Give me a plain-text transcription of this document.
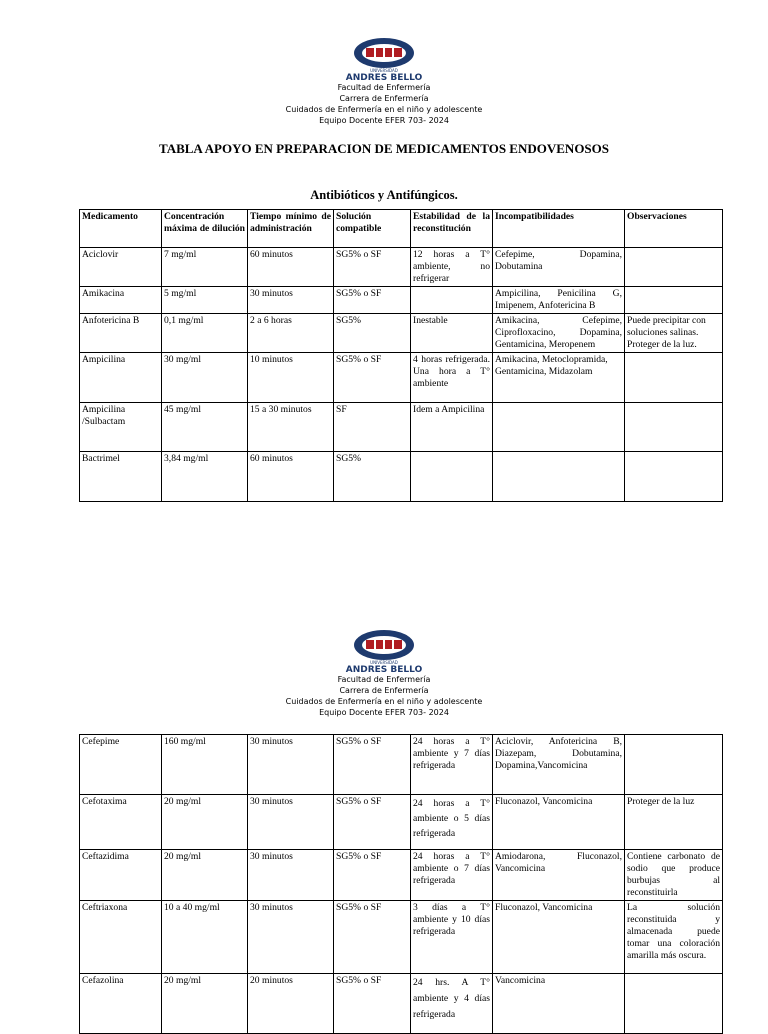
UNIVERSIDAD
ANDRES BELLO
Facultad de Enfermería
Carrera de Enfermería
Cuidados de Enfermería en el niño y adolescente
Equipo Docente EFER 703- 2024
TABLA APOYO EN PREPARACION DE MEDICAMENTOS ENDOVENOSOS
Antibióticos y Antifúngicos.
Medicamento	Concentración máxima de dilución	Tiempo mínimo de administración	Solución compatible	Estabilidad de la reconstitución	Incompatibilidades	Observaciones
Aciclovir	7 mg/ml	60 minutos	SG5% o SF	12 horas a T° ambiente, no refrigerar	Cefepime, Dopamina, Dobutamina	
Amikacina	5 mg/ml	30 minutos	SG5% o SF		Ampicilina, Penicilina G, Imipenem, Anfotericina B	
Anfotericina B	0,1 mg/ml	2 a 6 horas	SG5%	Inestable	Amikacina, Cefepime, Ciprofloxacino, Dopamina, Gentamicina, Meropenem	Puede precipitar con soluciones salinas. Proteger de la luz.
Ampicilina	30 mg/ml	10 minutos	SG5% o SF	4 horas refrigerada. Una hora a T° ambiente	Amikacina, Metoclopramida, Gentamicina, Midazolam	
Ampicilina /Sulbactam	45 mg/ml	15 a 30 minutos	SF	Idem a Ampicilina		
Bactrimel	3,84 mg/ml	60 minutos	SG5%			
UNIVERSIDAD
ANDRES BELLO
Facultad de Enfermería
Carrera de Enfermería
Cuidados de Enfermería en el niño y adolescente
Equipo Docente EFER 703- 2024
Cefepime	160 mg/ml	30 minutos	SG5% o SF	24 horas a T° ambiente y 7 días refrigerada	Aciclovir, Anfotericina B, Diazepam, Dobutamina, Dopamina,Vancomicina	
Cefotaxima	20 mg/ml	30 minutos	SG5% o SF	24 horas a T° ambiente o 5 días refrigerada	Fluconazol, Vancomicina	Proteger de la luz
Ceftazidima	20 mg/ml	30 minutos	SG5% o SF	24 horas a T° ambiente o 7 días refrigerada	Amiodarona, Fluconazol, Vancomicina	Contiene carbonato de sodio que produce burbujas al reconstituirla
Ceftriaxona	10 a 40 mg/ml	30 minutos	SG5% o SF	3 días a T° ambiente y 10 días refrigerada	Fluconazol, Vancomicina	La solución reconstituida y almacenada puede tomar una coloración amarilla más oscura.
Cefazolina	20 mg/ml	20 minutos	SG5% o SF	24 hrs. A T° ambiente y 4 días refrigerada	Vancomicina	
